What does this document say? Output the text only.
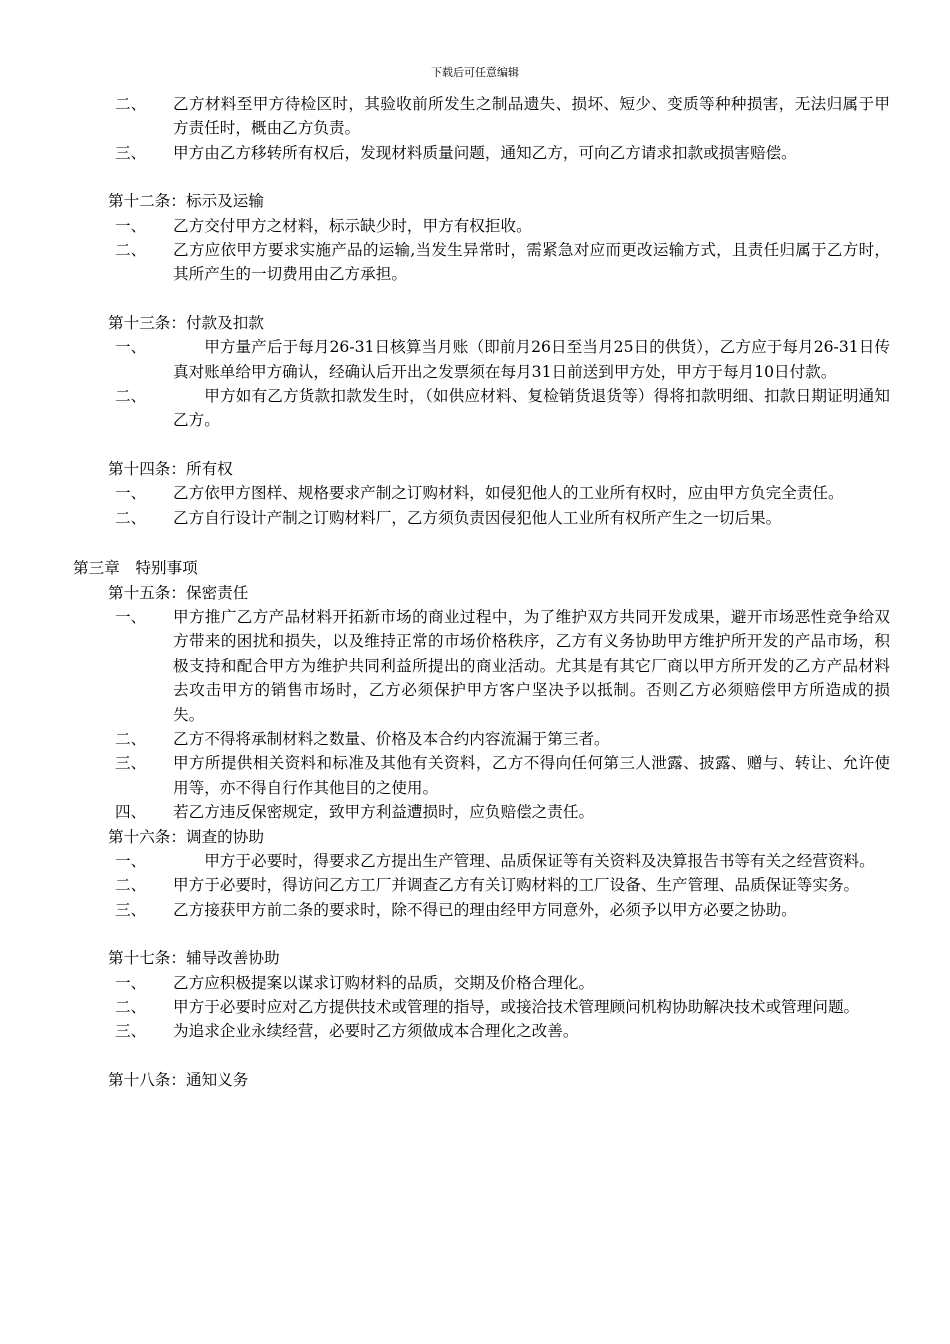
下载后可任意编辑
二、 乙方材料至甲方待检区时，其验收前所发生之制品遗失、损坏、短少、变质等种种损害，无法归属于甲方责任时，概由乙方负责。
三、 甲方由乙方移转所有权后，发现材料质量问题，通知乙方，可向乙方请求扣款或损害赔偿。
第十二条：标示及运输
一、 乙方交付甲方之材料，标示缺少时，甲方有权拒收。
二、 乙方应依甲方要求实施产品的运输,当发生异常时，需紧急对应而更改运输方式，且责任归属于乙方时，其所产生的一切费用由乙方承担。
第十三条：付款及扣款
一、	甲方量产后于每月26-31日核算当月账（即前月26日至当月25日的供货），乙方应于每月26-31日传真对账单给甲方确认，经确认后开出之发票须在每月31日前送到甲方处，甲方于每月10日付款。
二、	甲方如有乙方货款扣款发生时，（如供应材料、复检销货退货等）得将扣款明细、扣款日期证明通知乙方。
第十四条：所有权
一、 乙方依甲方图样、规格要求产制之订购材料，如侵犯他人的工业所有权时，应由甲方负完全责任。
二、 乙方自行设计产制之订购材料厂，乙方须负责因侵犯他人工业所有权所产生之一切后果。
第三章　特别事项
第十五条：保密责任
一、 甲方推广乙方产品材料开拓新市场的商业过程中，为了维护双方共同开发成果，避开市场恶性竞争给双方带来的困扰和损失，以及维持正常的市场价格秩序，乙方有义务协助甲方维护所开发的产品市场，积极支持和配合甲方为维护共同利益所提出的商业活动。尤其是有其它厂商以甲方所开发的乙方产品材料去攻击甲方的销售市场时，乙方必须保护甲方客户坚决予以抵制。否则乙方必须赔偿甲方所造成的损失。
二、 乙方不得将承制材料之数量、价格及本合约内容流漏于第三者。
三、 甲方所提供相关资料和标准及其他有关资料，乙方不得向任何第三人泄露、披露、赠与、转让、允许使用等，亦不得自行作其他目的之使用。
四、 若乙方违反保密规定，致甲方利益遭损时，应负赔偿之责任。
第十六条：调查的协助
一、	甲方于必要时，得要求乙方提出生产管理、品质保证等有关资料及决算报告书等有关之经营资料。
二、 甲方于必要时，得访问乙方工厂并调查乙方有关订购材料的工厂设备、生产管理、品质保证等实务。
三、 乙方接获甲方前二条的要求时，除不得已的理由经甲方同意外，必须予以甲方必要之协助。
第十七条：辅导改善协助
一、 乙方应积极提案以谋求订购材料的品质，交期及价格合理化。
二、 甲方于必要时应对乙方提供技术或管理的指导，或接洽技术管理顾问机构协助解决技术或管理问题。
三、 为追求企业永续经营，必要时乙方须做成本合理化之改善。
第十八条：通知义务
